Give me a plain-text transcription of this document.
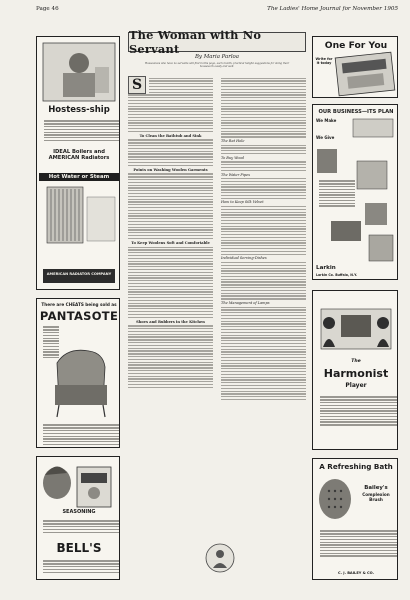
Page 46	The Ladies' Home Journal for November 1905
Hostess-ship
IDEAL Boilers and AMERICAN Radiators
Hot Water or Steam
AMERICAN RADIATOR COMPANY
There are CHEATS being sold as
PANTASOTE
SEASONING
BELL'S
The Woman with No Servant
By Maria Parloa
Housewives who have no servants will find in this page, each month, practical helpful suggestions for doing their housework easily and well.
S
To Clean the Bathtub and Sink
Points on Washing Woolen Garments
To Keep Woolens Soft and Comfortable
Shoes and Rubbers in the Kitchen
The Rat Hole
To Buy Wood
The Water Pipes
How to Keep Silk Velvet
Individual Serving-Dishes
The Management of Lamps
One For You
Write for it today
OUR BUSINESS—ITS PLAN
We Make
We Give
Larkin
Larkin Co. Buffalo, N.Y.
The
Harmonist
Player
A Refreshing Bath
Bailey's
Complexion Brush
C. J. BAILEY & CO.
